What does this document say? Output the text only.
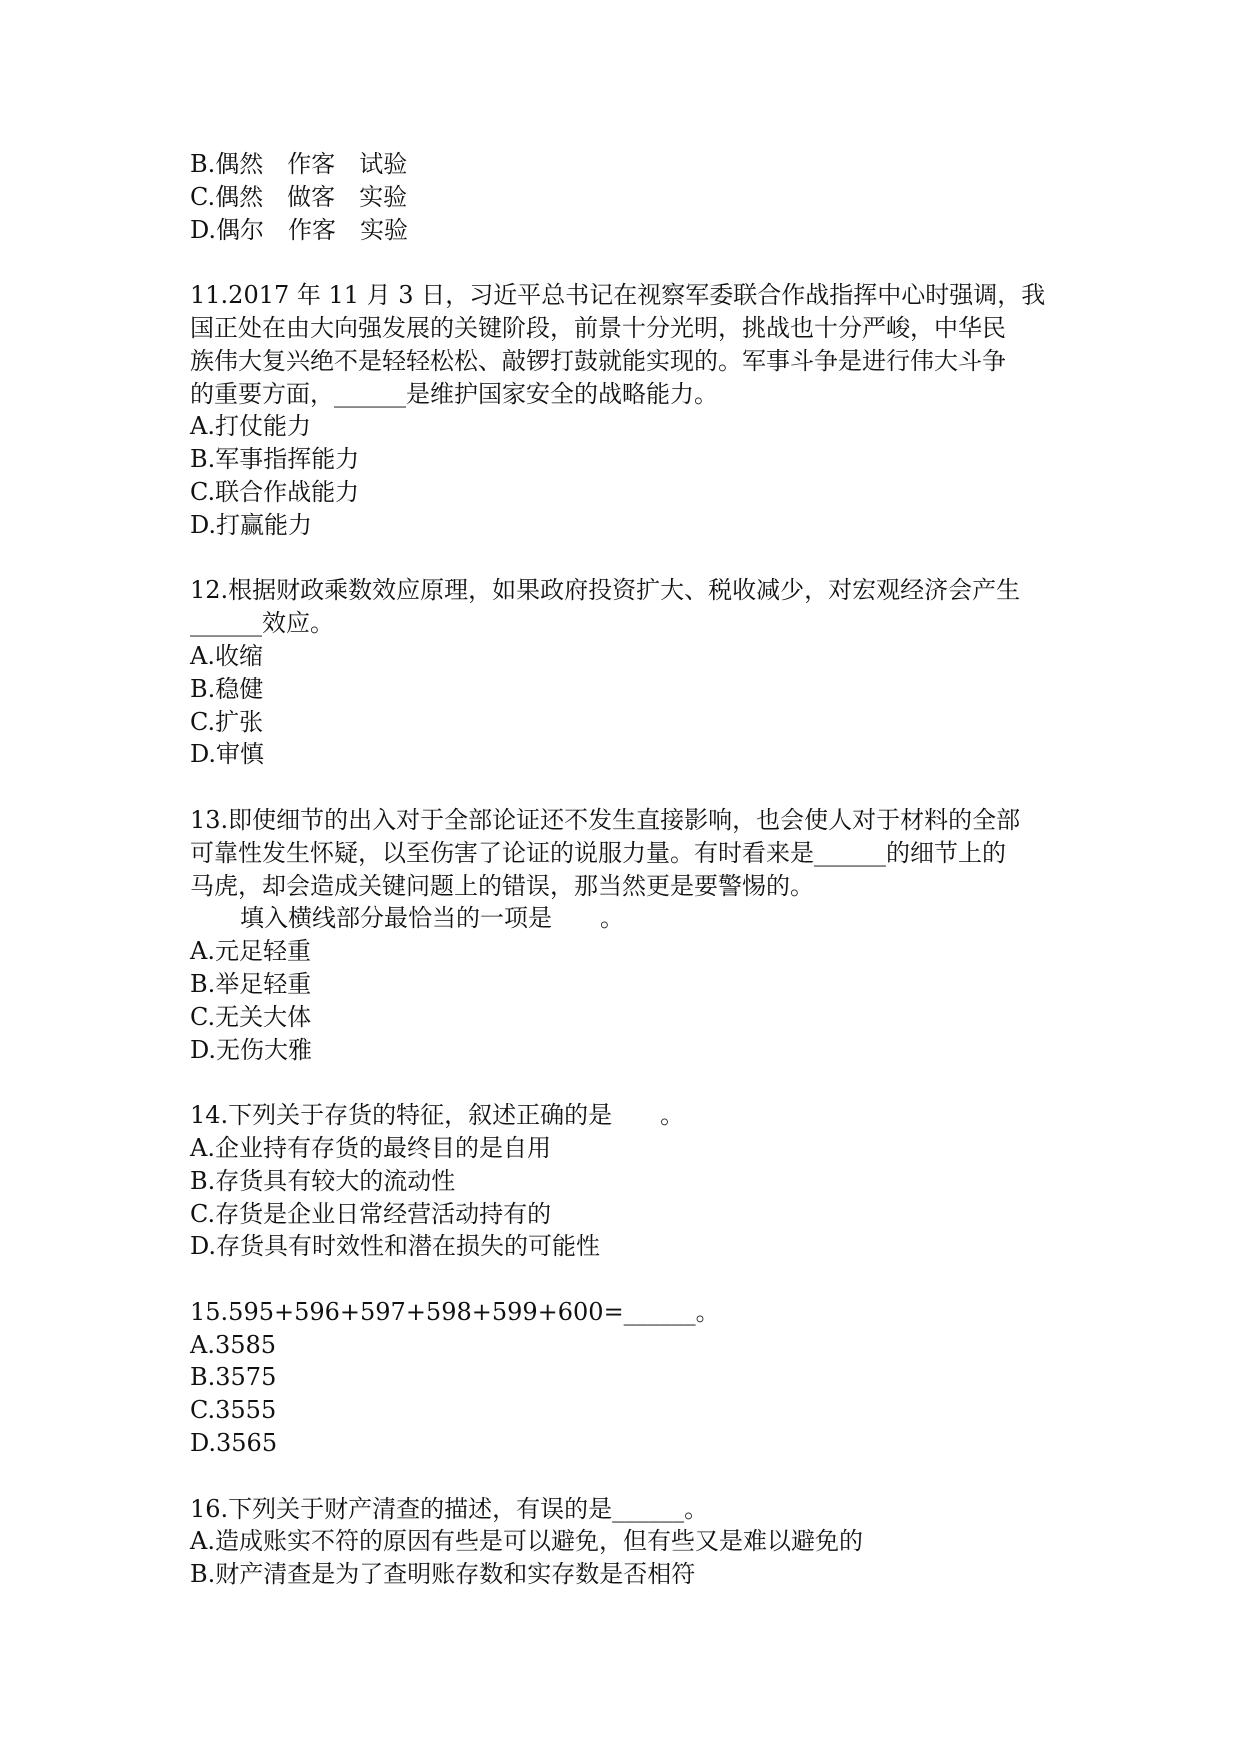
B.偶然　作客　试验

C.偶然　做客　实验

D.偶尔　作客　实验

11.2017 年 11 月 3 日，习近平总书记在视察军委联合作战指挥中心时强调，我

国正处在由大向强发展的关键阶段，前景十分光明，挑战也十分严峻，中华民

族伟大复兴绝不是轻轻松松、敲锣打鼓就能实现的。军事斗争是进行伟大斗争

的重要方面，______是维护国家安全的战略能力。

A.打仗能力

B.军事指挥能力

C.联合作战能力

D.打赢能力

12.根据财政乘数效应原理，如果政府投资扩大、税收减少，对宏观经济会产生

______效应。

A.收缩

B.稳健

C.扩张

D.审慎

13.即使细节的出入对于全部论证还不发生直接影响，也会使人对于材料的全部

可靠性发生怀疑，以至伤害了论证的说服力量。有时看来是______的细节上的

马虎，却会造成关键问题上的错误，那当然更是要警惕的。

填入横线部分最恰当的一项是　　。

A.元足轻重

B.举足轻重

C.无关大体

D.无伤大雅

14.下列关于存货的特征，叙述正确的是　　。

A.企业持有存货的最终目的是自用

B.存货具有较大的流动性

C.存货是企业日常经营活动持有的

D.存货具有时效性和潜在损失的可能性

15.595+596+597+598+599+600=______。

A.3585

B.3575

C.3555

D.3565

16.下列关于财产清查的描述，有误的是______。

A.造成账实不符的原因有些是可以避免，但有些又是难以避免的

B.财产清查是为了查明账存数和实存数是否相符
